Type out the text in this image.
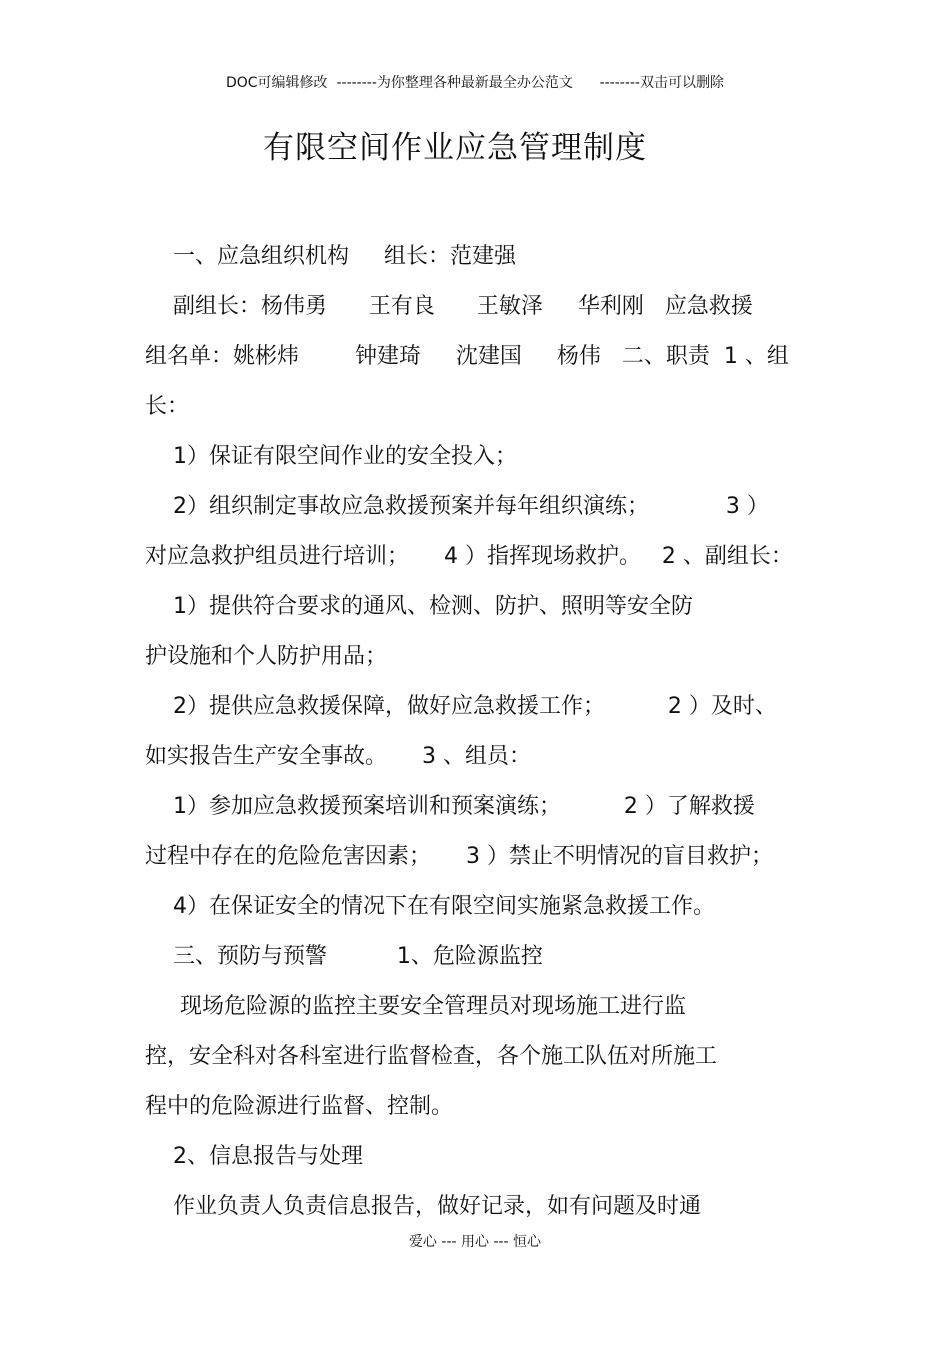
DOC可编辑修改  --------为你整理各种最新最全办公范文      --------双击可以删除
有限空间作业应急管理制度
一、应急组织机构     组长：范建强
副组长：杨伟勇      王有良      王敏泽     华利刚   应急救援
组名单：姚彬炜        钟建琦     沈建国     杨伟   二、职责  1 、组
长：
1）保证有限空间作业的安全投入；
2）组织制定事故应急救援预案并每年组织演练；           3 ）
对应急救护组员进行培训；     4 ）指挥现场救护。   2 、副组长：
1）提供符合要求的通风、检测、防护、照明等安全防
护设施和个人防护用品；
2）提供应急救援保障，做好应急救援工作；         2 ）及时、
如实报告生产安全事故。     3 、组员：
1）参加应急救援预案培训和预案演练；         2 ）了解救援
过程中存在的危险危害因素；     3 ）禁止不明情况的盲目救护；
4）在保证安全的情况下在有限空间实施紧急救援工作。
三、预防与预警          1、危险源监控
现场危险源的监控主要安全管理员对现场施工进行监
控，安全科对各科室进行监督检查，各个施工队伍对所施工
程中的危险源进行监督、控制。
2、信息报告与处理
作业负责人负责信息报告，做好记录，如有问题及时通
爱心 --- 用心 --- 恒心
